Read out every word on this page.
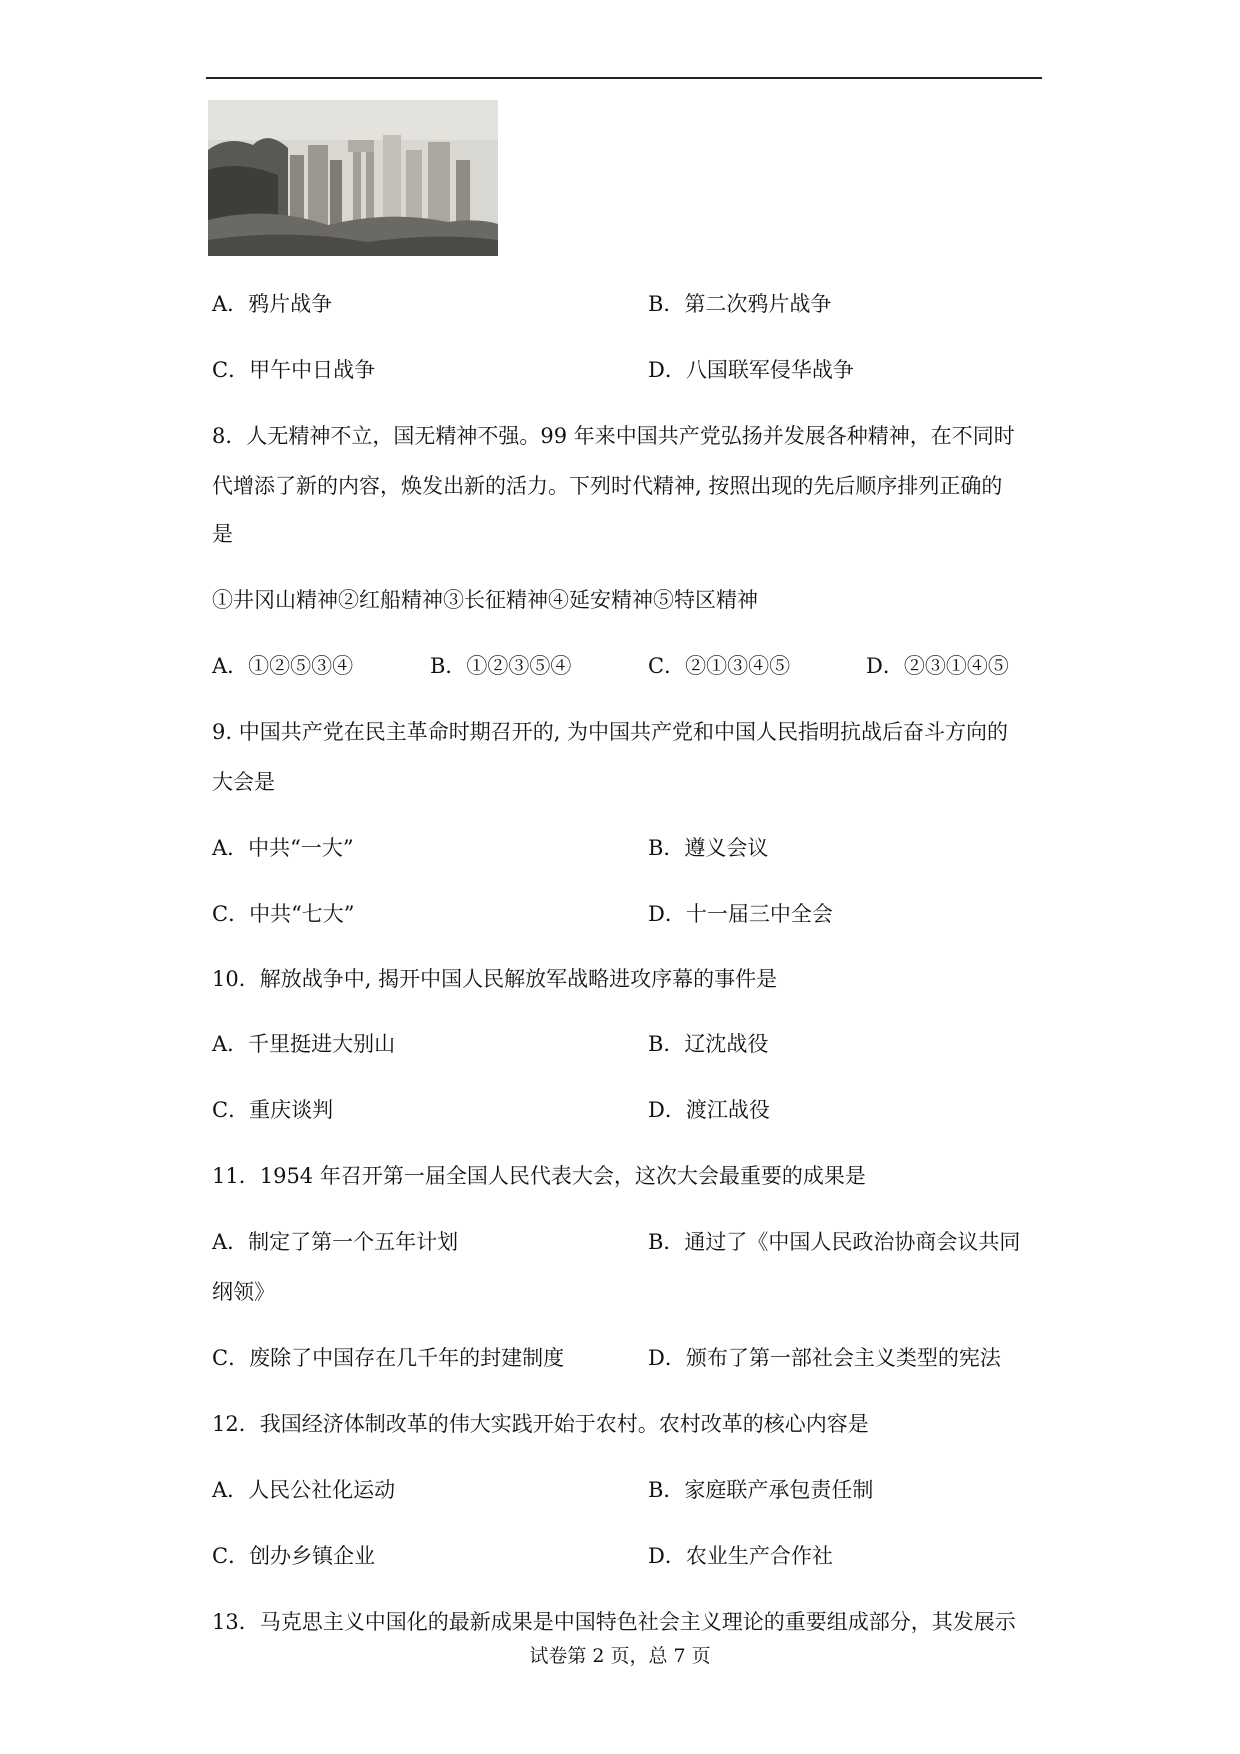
A．鸦片战争	B．第二次鸦片战争
C．甲午中日战争	D．八国联军侵华战争
8．人无精神不立，国无精神不强。99 年来中国共产党弘扬并发展各种精神，在不同时
代增添了新的内容，焕发出新的活力。下列时代精神, 按照出现的先后顺序排列正确的
是
①井冈山精神②红船精神③长征精神④延安精神⑤特区精神
A．①②⑤③④	B．①②③⑤④	C．②①③④⑤	D．②③①④⑤
9. 中国共产党在民主革命时期召开的, 为中国共产党和中国人民指明抗战后奋斗方向的
大会是
A．中共“一大”	B．遵义会议
C．中共“七大”	D．十一届三中全会
10．解放战争中, 揭开中国人民解放军战略进攻序幕的事件是
A．千里挺进大别山	B．辽沈战役
C．重庆谈判	D．渡江战役
11．1954 年召开第一届全国人民代表大会，这次大会最重要的成果是
A．制定了第一个五年计划	B．通过了《中国人民政治协商会议共同
纲领》
C．废除了中国存在几千年的封建制度	D．颁布了第一部社会主义类型的宪法
12．我国经济体制改革的伟大实践开始于农村。农村改革的核心内容是
A．人民公社化运动	B．家庭联产承包责任制
C．创办乡镇企业	D．农业生产合作社
13．马克思主义中国化的最新成果是中国特色社会主义理论的重要组成部分，其发展示
试卷第 2 页，总 7 页
